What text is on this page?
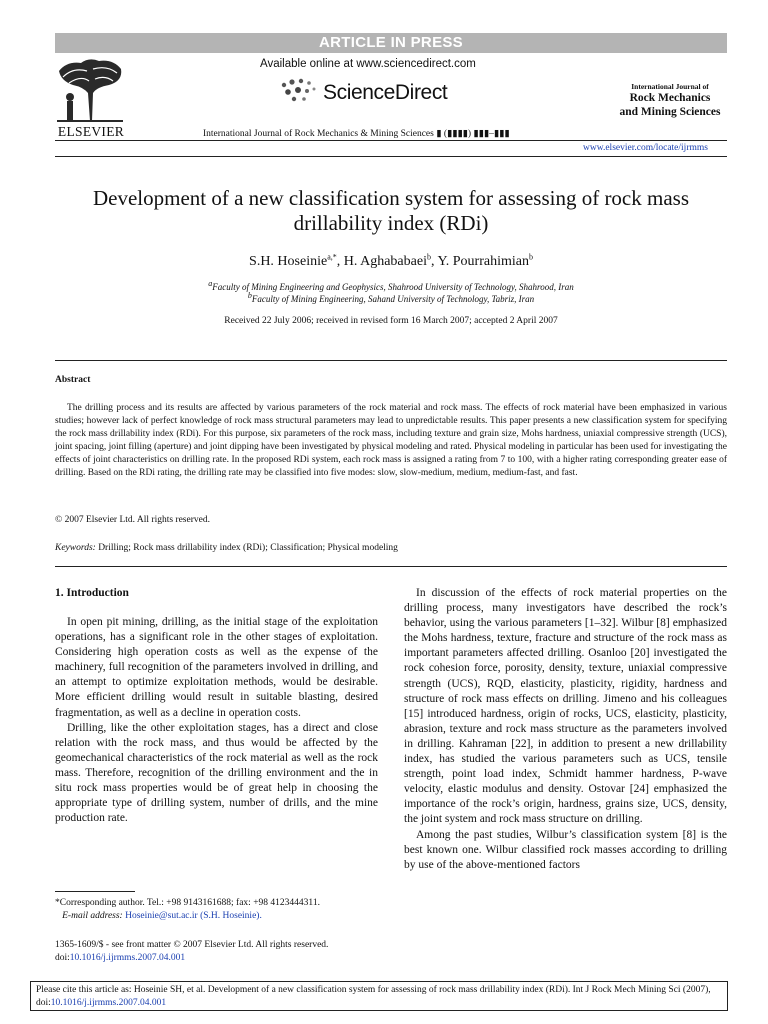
ARTICLE IN PRESS
ELSEVIER
Available online at www.sciencedirect.com
ScienceDirect
International Journal of Rock Mechanics & Mining Sciences ▮ (▮▮▮▮) ▮▮▮–▮▮▮
International Journal of
Rock Mechanics
and Mining Sciences
www.elsevier.com/locate/ijrmms
Development of a new classification system for assessing of rock mass drillability index (RDi)
S.H. Hoseinie$^{a,*}$, H. Aghababaei$^b$, Y. Pourrahimian$^b$
$^a$Faculty of Mining Engineering and Geophysics, Shahrood University of Technology, Shahrood, Iran
$^b$Faculty of Mining Engineering, Sahand University of Technology, Tabriz, Iran
Received 22 July 2006; received in revised form 16 March 2007; accepted 2 April 2007
Abstract
The drilling process and its results are affected by various parameters of the rock material and rock mass. The effects of rock material have been emphasized in various studies; however lack of perfect knowledge of rock mass structural parameters may lead to unpredictable results. This paper presents a new classification system for specifying the rock mass drillability index (RDi). For this purpose, six parameters of the rock mass, including texture and grain size, Mohs hardness, uniaxial compressive strength (UCS), joint spacing, joint filling (aperture) and joint dipping have been investigated by physical modeling and rated. Physical modeling in particular has been used for investigating the effects of joint characteristics on drilling rate. In the proposed RDi system, each rock mass is assigned a rating from 7 to 100, with a higher rating corresponding greater ease of drilling. Based on the RDi rating, the drilling rate may be classified into five modes: slow, slow-medium, medium, medium-fast, and fast.
© 2007 Elsevier Ltd. All rights reserved.
Keywords: Drilling; Rock mass drillability index (RDi); Classification; Physical modeling
1. Introduction

In open pit mining, drilling, as the initial stage of the exploitation operations, has a significant role in the other stages of exploitation. Considering high operation costs as well as the expense of the machinery, full recognition of the parameters involved in drilling, and an attempt to optimize exploitation methods, would be desirable. More efficient drilling would result in suitable blasting, desired fragmentation, as well as a decline in operation costs.

Drilling, like the other exploitation stages, has a direct and close relation with the rock mass, and thus would be affected by the geomechanical characteristics of the rock material as well as the rock mass. Therefore, recognition of the drilling environment and the in situ rock mass properties would be of great help in choosing the appropriate type of drilling system, number of drills, and the mine production rate.

In discussion of the effects of rock material properties on the drilling process, many investigators have described the rock’s behavior, using the various parameters [1–32]. Wilbur [8] emphasized the Mohs hardness, texture, fracture and structure of the rock mass as important parameters affected drilling. Osanloo [20] investigated the rock cohesion force, porosity, density, texture, uniaxial compressive strength (UCS), RQD, elasticity, plasticity, rigidity, hardness and structure of rock mass effects on drilling. Jimeno and his colleagues [15] introduced hardness, origin of rocks, UCS, elasticity, plasticity, abrasion, texture and rock mass structure as the parameters involved in drilling. Kahraman [22], in addition to present a new drillability index, has studied the various parameters such as UCS, tensile strength, point load index, Schmidt hammer hardness, P-wave velocity, elastic modulus and density. Ostovar [24] emphasized the importance of the rock’s origin, hardness, grains size, UCS, density, the joint system and rock mass structure on drilling.

Among the past studies, Wilbur’s classification system [8] is the best known one. Wilbur classified rock masses according to drilling by use of the above-mentioned factors

*Corresponding author. Tel.: +98 9143161688; fax: +98 4123444311.
E-mail address: Hoseinie@sut.ac.ir (S.H. Hoseinie).
1365-1609/$ - see front matter © 2007 Elsevier Ltd. All rights reserved.
doi:10.1016/j.ijrmms.2007.04.001
Please cite this article as: Hoseinie SH, et al. Development of a new classification system for assessing of rock mass drillability index (RDi). Int J Rock Mech Mining Sci (2007), doi:10.1016/j.ijrmms.2007.04.001
